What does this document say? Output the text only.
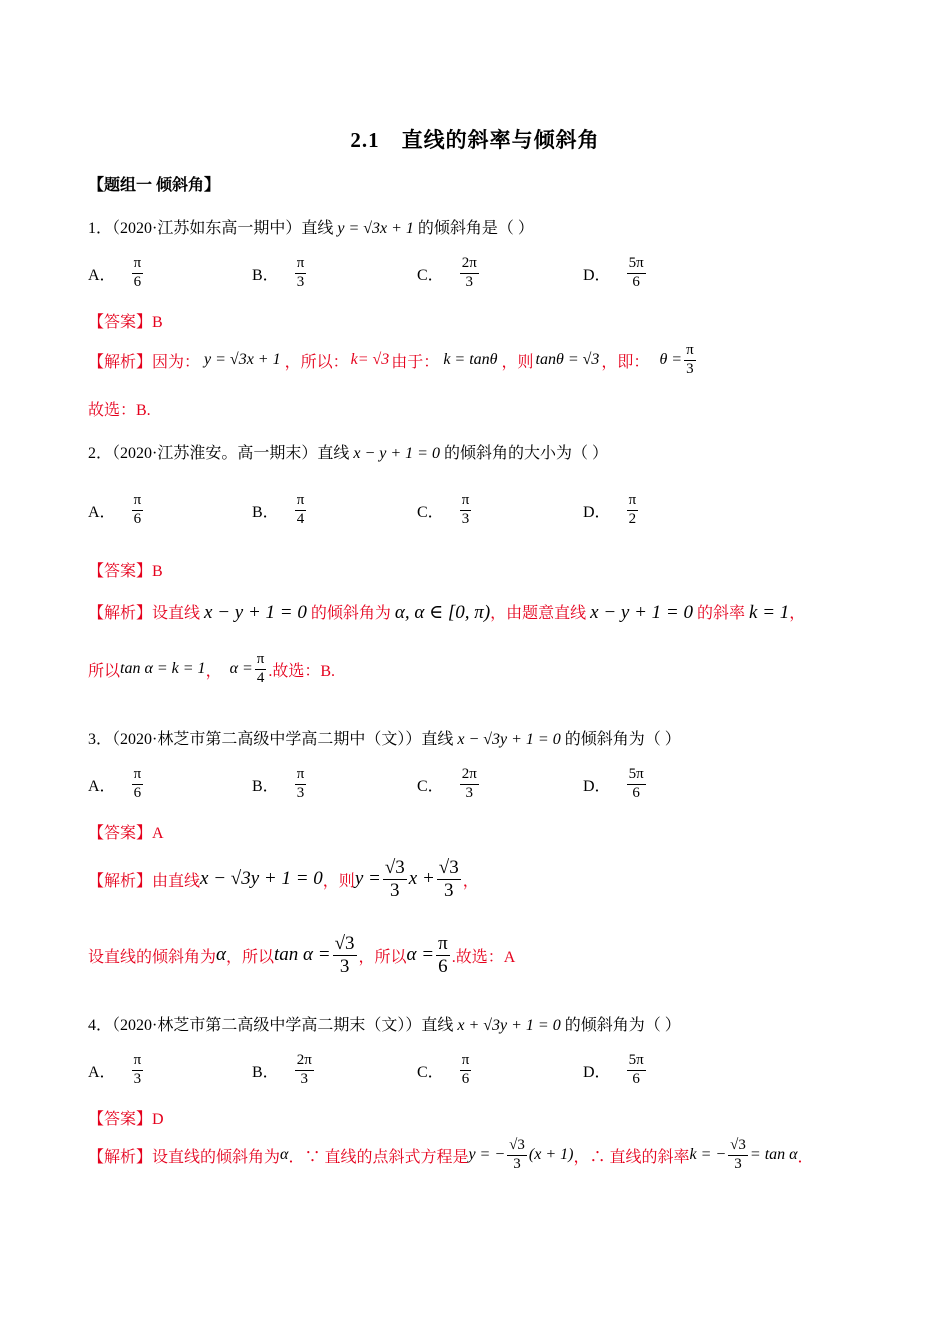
2.1 直线的斜率与倾斜角
【题组一 倾斜角】
1．（2020·江苏如东高一期中）直线 y = √3x + 1 的倾斜角是（ ）
A． $\frac{\pi}{6}$	B． $\frac{\pi}{3}$	C． $\frac{2\pi}{3}$	D． $\frac{5\pi}{6}$
【答案】B
【解析】因为： y = √3x + 1 ，所以： k= √3 由于： k = tanθ ，则 tanθ = √3 ，即： $\theta = \frac{\pi}{3}$
故选：B.
2．（2020·江苏淮安。高一期末）直线 x − y + 1 = 0 的倾斜角的大小为（ ）
A． $\frac{\pi}{6}$	B． $\frac{\pi}{4}$	C． $\frac{\pi}{3}$	D． $\frac{\pi}{2}$
【答案】B
【解析】设直线 x − y + 1 = 0 的倾斜角为 α, α ∈ [0, π)，由题意直线 x − y + 1 = 0 的斜率 k = 1，
所以 tan α = k = 1 ， $\alpha = \frac{\pi}{4}$ .故选：B.
3．（2020·林芝市第二高级中学高二期中（文））直线 x − √3y + 1 = 0 的倾斜角为（ ）
A． $\frac{\pi}{6}$	B． $\frac{\pi}{3}$	C． $\frac{2\pi}{3}$	D． $\frac{5\pi}{6}$
【答案】A
【解析】 由直线 x − √3y + 1 = 0 ，则 $y = \frac{√3}{3}$ $x + \frac{√3}{3}$ ，
设直线的倾斜角为 α ，所以 $\tan \alpha = \frac{√3}{3}$ ，所以 $\alpha = \frac{\pi}{6}$ .故选：A
4．（2020·林芝市第二高级中学高二期末（文））直线 x + √3y + 1 = 0 的倾斜角为（ ）
A． $\frac{\pi}{3}$	B． $\frac{2\pi}{3}$	C． $\frac{\pi}{6}$	D． $\frac{5\pi}{6}$
【答案】D
【解析】 设直线的倾斜角为 α ．∵ 直线的点斜式方程是 y = − $\frac{√3}{3} (x + 1)$ ，∴ 直线的斜率 k = − $\frac{√3}{3} = \tan \alpha$ ．
